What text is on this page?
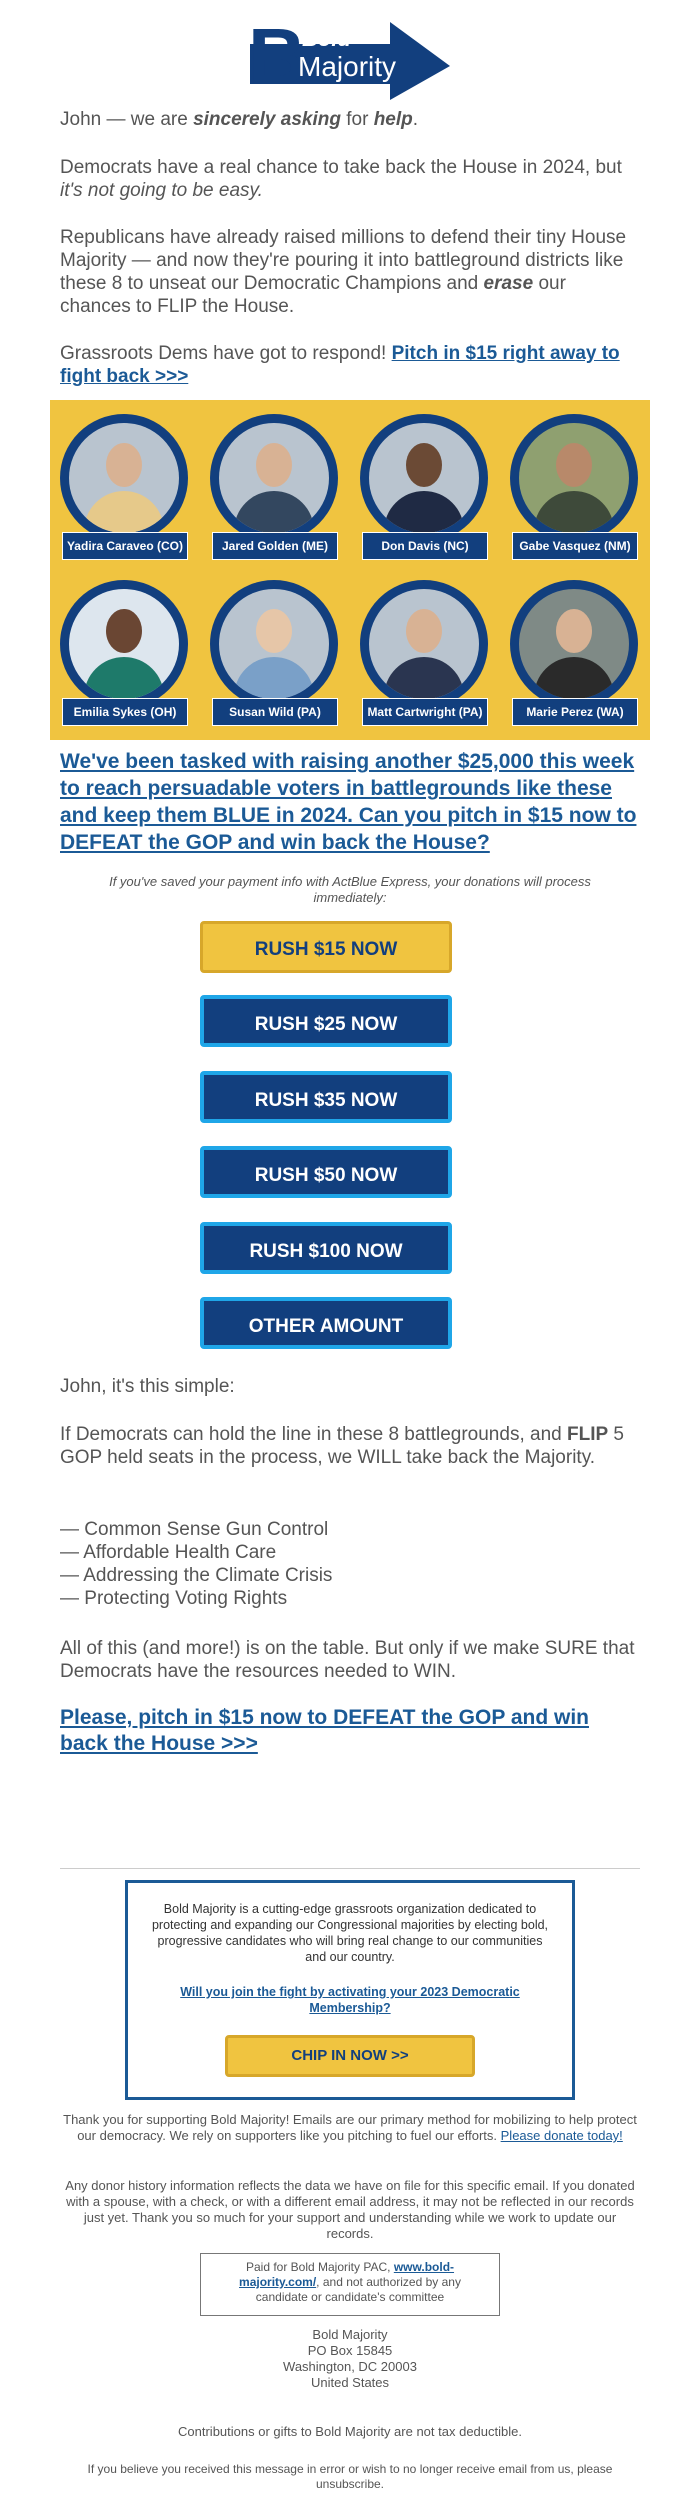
B
Bold
Majority

John — we are sincerely asking for help.

Democrats have a real chance to take back the House in 2024, but it's not going to be easy.

Republicans have already raised millions to defend their tiny House Majority — and now they're pouring it into battleground districts like these 8 to unseat our Democratic Champions and erase our chances to FLIP the House.

Grassroots Dems have got to respond! Pitch in $15 right away to fight back >>>

Yadira Caraveo (CO)	Jared Golden (ME)	Don Davis (NC)	Gabe Vasquez (NM)
Emilia Sykes (OH)	Susan Wild (PA)	Matt Cartwright (PA)	Marie Perez (WA)

We've been tasked with raising another $25,000 this week to reach persuadable voters in battlegrounds like these and keep them BLUE in 2024. Can you pitch in $15 now to DEFEAT the GOP and win back the House?

If you've saved your payment info with ActBlue Express, your donations will process immediately:
RUSH $15 NOW
RUSH $25 NOW
RUSH $35 NOW
RUSH $50 NOW
RUSH $100 NOW
OTHER AMOUNT

John, it's this simple:

If Democrats can hold the line in these 8 battlegrounds, and FLIP 5 GOP held seats in the process, we WILL take back the Majority.

— Common Sense Gun Control

— Affordable Health Care

— Addressing the Climate Crisis

— Protecting Voting Rights

All of this (and more!) is on the table. But only if we make SURE that Democrats have the resources needed to WIN.

Please, pitch in $15 now to DEFEAT the GOP and win back the House >>>

Bold Majority is a cutting-edge grassroots organization dedicated to protecting and expanding our Congressional majorities by electing bold, progressive candidates who will bring real change to our communities and our country.
Will you join the fight by activating your 2023 Democratic Membership?
CHIP IN NOW >>
Thank you for supporting Bold Majority! Emails are our primary method for mobilizing to help protect our democracy. We rely on supporters like you pitching to fuel our efforts. Please donate today!
Any donor history information reflects the data we have on file for this specific email. If you donated with a spouse, with a check, or with a different email address, it may not be reflected in our records just yet. Thank you so much for your support and understanding while we work to update our records.
Paid for Bold Majority PAC, www.bold-majority.com/, and not authorized by any candidate or candidate's committee
Bold Majority
PO Box 15845
Washington, DC 20003
United States
Contributions or gifts to Bold Majority are not tax deductible.
If you believe you received this message in error or wish to no longer receive email from us, please unsubscribe.
